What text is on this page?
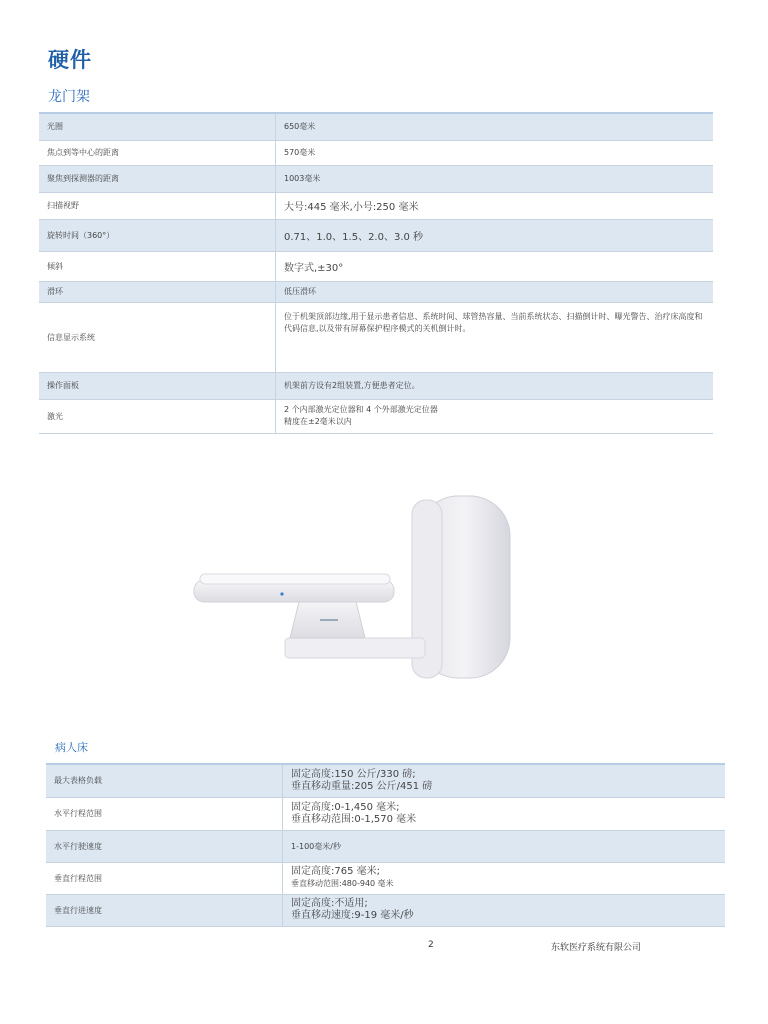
硬件
龙门架
光圈	650毫米
焦点到等中心的距离	570毫米
聚焦到探测器的距离	1003毫米
扫描视野	大号:445 毫米,小号:250 毫米
旋转时间（360°）	0.71、1.0、1.5、2.0、3.0 秒
倾斜	数字式,±30°
滑环	低压滑环
信息显示系统	位于机架顶部边缘,用于显示患者信息、系统时间、球管热容量、当前系统状态、扫描倒计时、曝光警告、治疗床高度和代码信息,以及带有屏幕保护程序模式的关机倒计时。
操作面板	机架前方设有2组装置,方便患者定位。
激光	2 个内部激光定位器和 4 个外部激光定位器
精度在±2毫米以内
病人床
最大表格负载	固定高度:150 公斤/330 磅;
垂直移动重量:205 公斤/451 磅

水平行程范围	固定高度:0-1,450 毫米;
垂直移动范围:0-1,570 毫米

水平行驶速度	1-100毫米/秒
垂直行程范围	固定高度:765 毫米;
垂直移动范围:480-940 毫米

垂直行进速度	固定高度:不适用;
垂直移动速度:9-19 毫米/秒
2	东软医疗系统有限公司
